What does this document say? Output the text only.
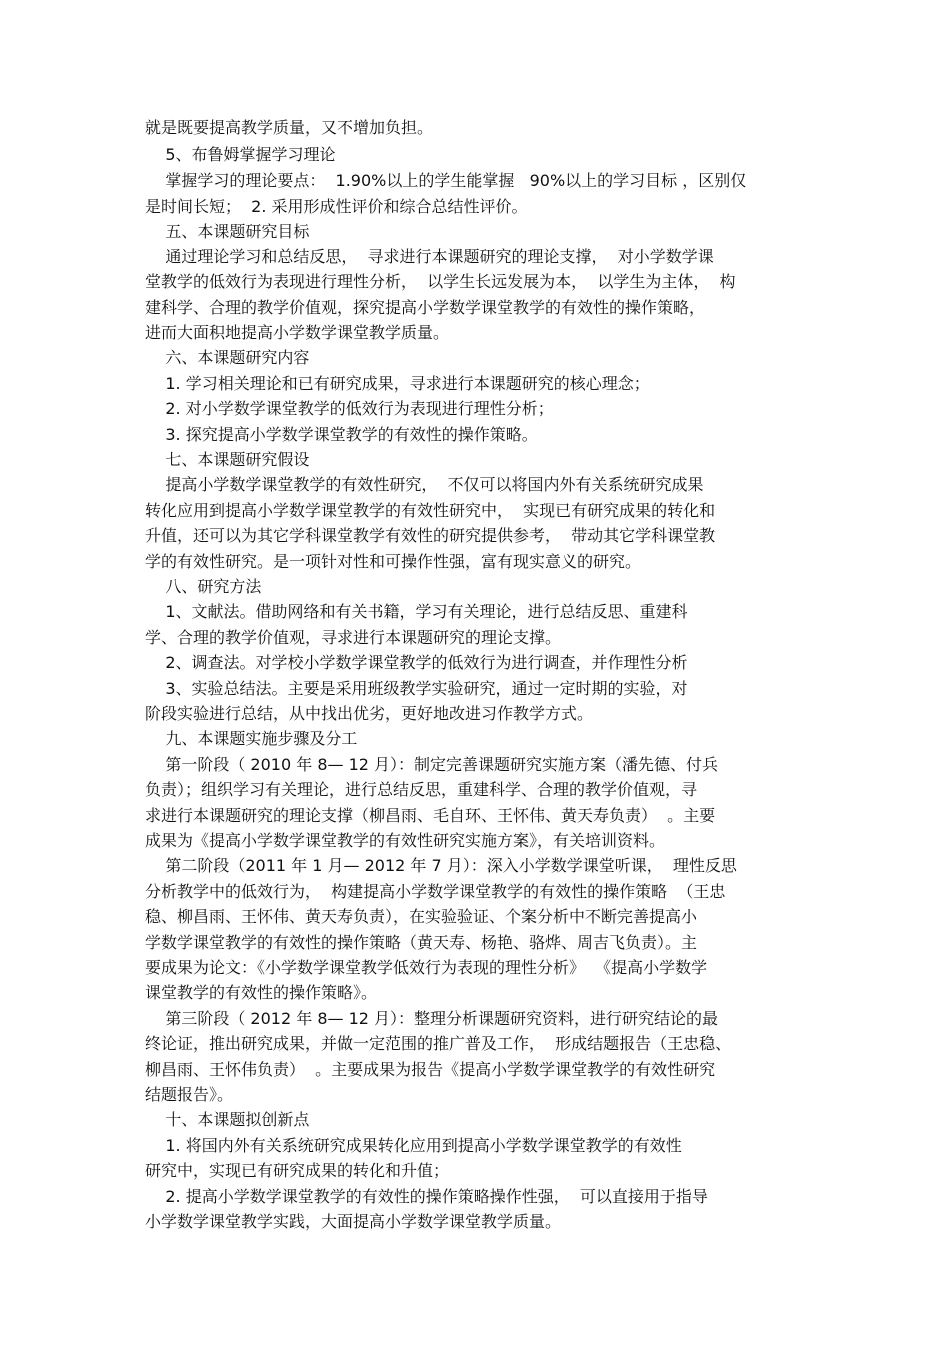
就是既要提高教学质量，又不增加负担。
5、布鲁姆掌握学习理论
掌握学习的理论要点：  1.90%以上的学生能掌握   90%以上的学习目标 ，区别仅
是时间长短；  2. 采用形成性评价和综合总结性评价。
五、本课题研究目标
通过理论学习和总结反思，  寻求进行本课题研究的理论支撑，  对小学数学课
堂教学的低效行为表现进行理性分析，  以学生长远发展为本，  以学生为主体，  构
建科学、合理的教学价值观，探究提高小学数学课堂教学的有效性的操作策略，
进而大面积地提高小学数学课堂教学质量。
六、本课题研究内容
1. 学习相关理论和已有研究成果，寻求进行本课题研究的核心理念；
2. 对小学数学课堂教学的低效行为表现进行理性分析；
3. 探究提高小学数学课堂教学的有效性的操作策略。
七、本课题研究假设
提高小学数学课堂教学的有效性研究，  不仅可以将国内外有关系统研究成果
转化应用到提高小学数学课堂教学的有效性研究中，  实现已有研究成果的转化和
升值，还可以为其它学科课堂教学有效性的研究提供参考，  带动其它学科课堂教
学的有效性研究。是一项针对性和可操作性强，富有现实意义的研究。
八、研究方法
1、文献法。借助网络和有关书籍，学习有关理论，进行总结反思、重建科
学、合理的教学价值观，寻求进行本课题研究的理论支撑。
2、调查法。对学校小学数学课堂教学的低效行为进行调查，并作理性分析
3、实验总结法。主要是采用班级教学实验研究，通过一定时期的实验，对
阶段实验进行总结，从中找出优劣，更好地改进习作教学方式。
九、本课题实施步骤及分工
第一阶段（ 2010 年 8— 12 月）：制定完善课题研究实施方案（潘先德、付兵
负责）；组织学习有关理论，进行总结反思，重建科学、合理的教学价值观，寻
求进行本课题研究的理论支撑（柳昌雨、毛自环、王怀伟、黄天寿负责）  。主要
成果为《提高小学数学课堂教学的有效性研究实施方案》，有关培训资料。
第二阶段（2011 年 1 月— 2012 年 7 月）：深入小学数学课堂听课，  理性反思
分析教学中的低效行为，  构建提高小学数学课堂教学的有效性的操作策略  （王忠
稳、柳昌雨、王怀伟、黄天寿负责），在实验验证、个案分析中不断完善提高小
学数学课堂教学的有效性的操作策略（黄天寿、杨艳、骆烨、周吉飞负责）。主
要成果为论文：《小学数学课堂教学低效行为表现的理性分析》  《提高小学数学
课堂教学的有效性的操作策略》。
第三阶段（ 2012 年 8— 12 月）：整理分析课题研究资料，进行研究结论的最
终论证，推出研究成果，并做一定范围的推广普及工作，  形成结题报告（王忠稳、
柳昌雨、王怀伟负责）  。主要成果为报告《提高小学数学课堂教学的有效性研究
结题报告》。
十、本课题拟创新点
1. 将国内外有关系统研究成果转化应用到提高小学数学课堂教学的有效性
研究中，实现已有研究成果的转化和升值；
2. 提高小学数学课堂教学的有效性的操作策略操作性强，  可以直接用于指导
小学数学课堂教学实践，大面提高小学数学课堂教学质量。
